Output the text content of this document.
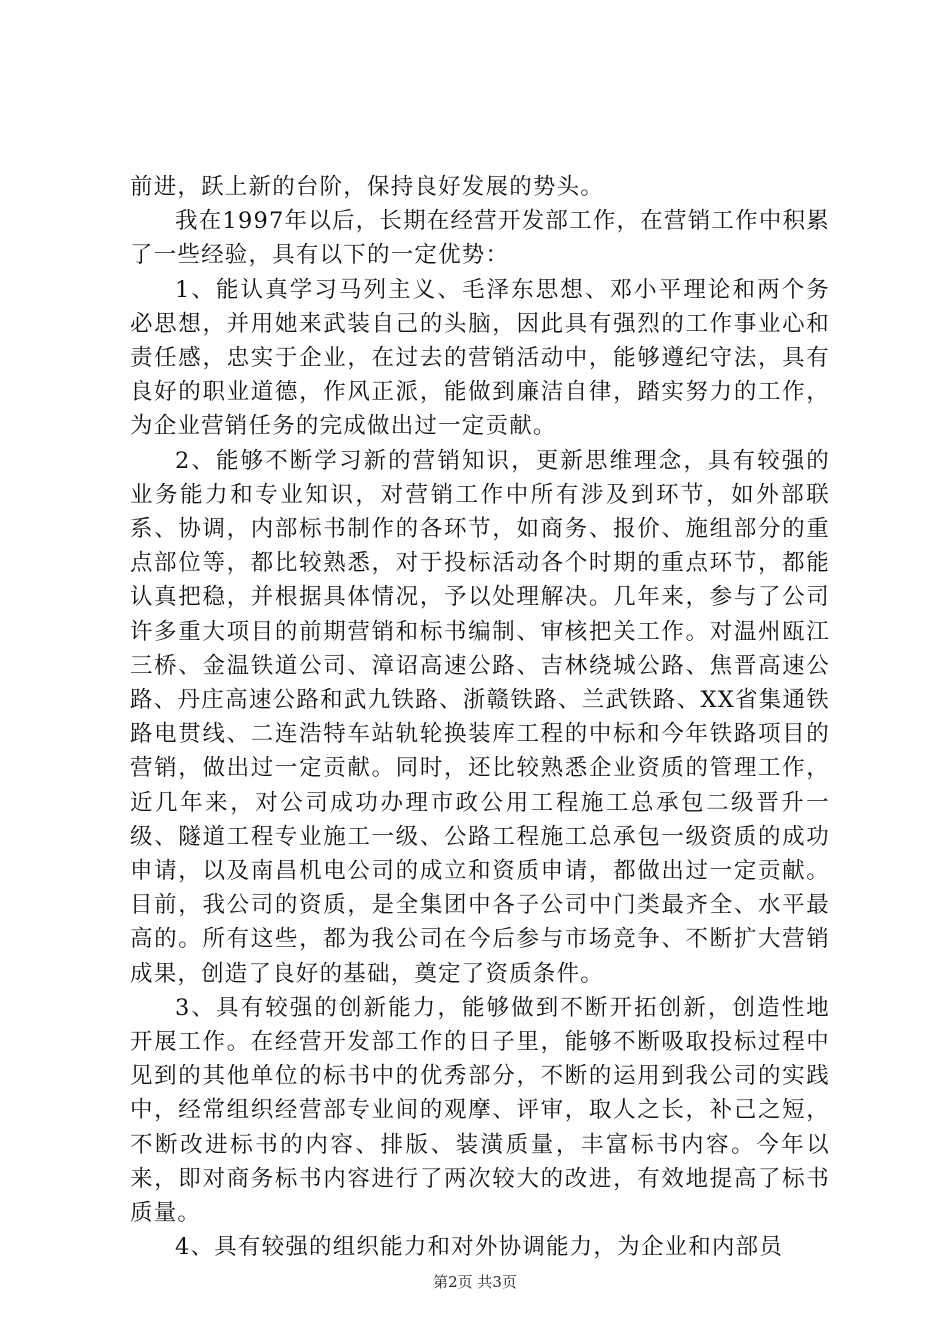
前进，跃上新的台阶，保持良好发展的势头。

我在1997年以后，长期在经营开发部工作，在营销工作中积累了一些经验，具有以下的一定优势：

1、能认真学习马列主义、毛泽东思想、邓小平理论和两个务必思想，并用她来武装自己的头脑，因此具有强烈的工作事业心和责任感，忠实于企业，在过去的营销活动中，能够遵纪守法，具有良好的职业道德，作风正派，能做到廉洁自律，踏实努力的工作，为企业营销任务的完成做出过一定贡献。

2、能够不断学习新的营销知识，更新思维理念，具有较强的业务能力和专业知识，对营销工作中所有涉及到环节，如外部联系、协调，内部标书制作的各环节，如商务、报价、施组部分的重点部位等，都比较熟悉，对于投标活动各个时期的重点环节，都能认真把稳，并根据具体情况，予以处理解决。几年来，参与了公司许多重大项目的前期营销和标书编制、审核把关工作。对温州瓯江三桥、金温铁道公司、漳诏高速公路、吉林绕城公路、焦晋高速公路、丹庄高速公路和武九铁路、浙赣铁路、兰武铁路、XX省集通铁路电贯线、二连浩特车站轨轮换装库工程的中标和今年铁路项目的营销，做出过一定贡献。同时，还比较熟悉企业资质的管理工作，近几年来，对公司成功办理市政公用工程施工总承包二级晋升一级、隧道工程专业施工一级、公路工程施工总承包一级资质的成功申请，以及南昌机电公司的成立和资质申请，都做出过一定贡献。目前，我公司的资质，是全集团中各子公司中门类最齐全、水平最高的。所有这些，都为我公司在今后参与市场竞争、不断扩大营销成果，创造了良好的基础，奠定了资质条件。

3、具有较强的创新能力，能够做到不断开拓创新，创造性地开展工作。在经营开发部工作的日子里，能够不断吸取投标过程中见到的其他单位的标书中的优秀部分，不断的运用到我公司的实践中，经常组织经营部专业间的观摩、评审，取人之长，补己之短，不断改进标书的内容、排版、装潢质量，丰富标书内容。今年以来，即对商务标书内容进行了两次较大的改进，有效地提高了标书质量。

4、具有较强的组织能力和对外协调能力，为企业和内部员

第2页 共3页
